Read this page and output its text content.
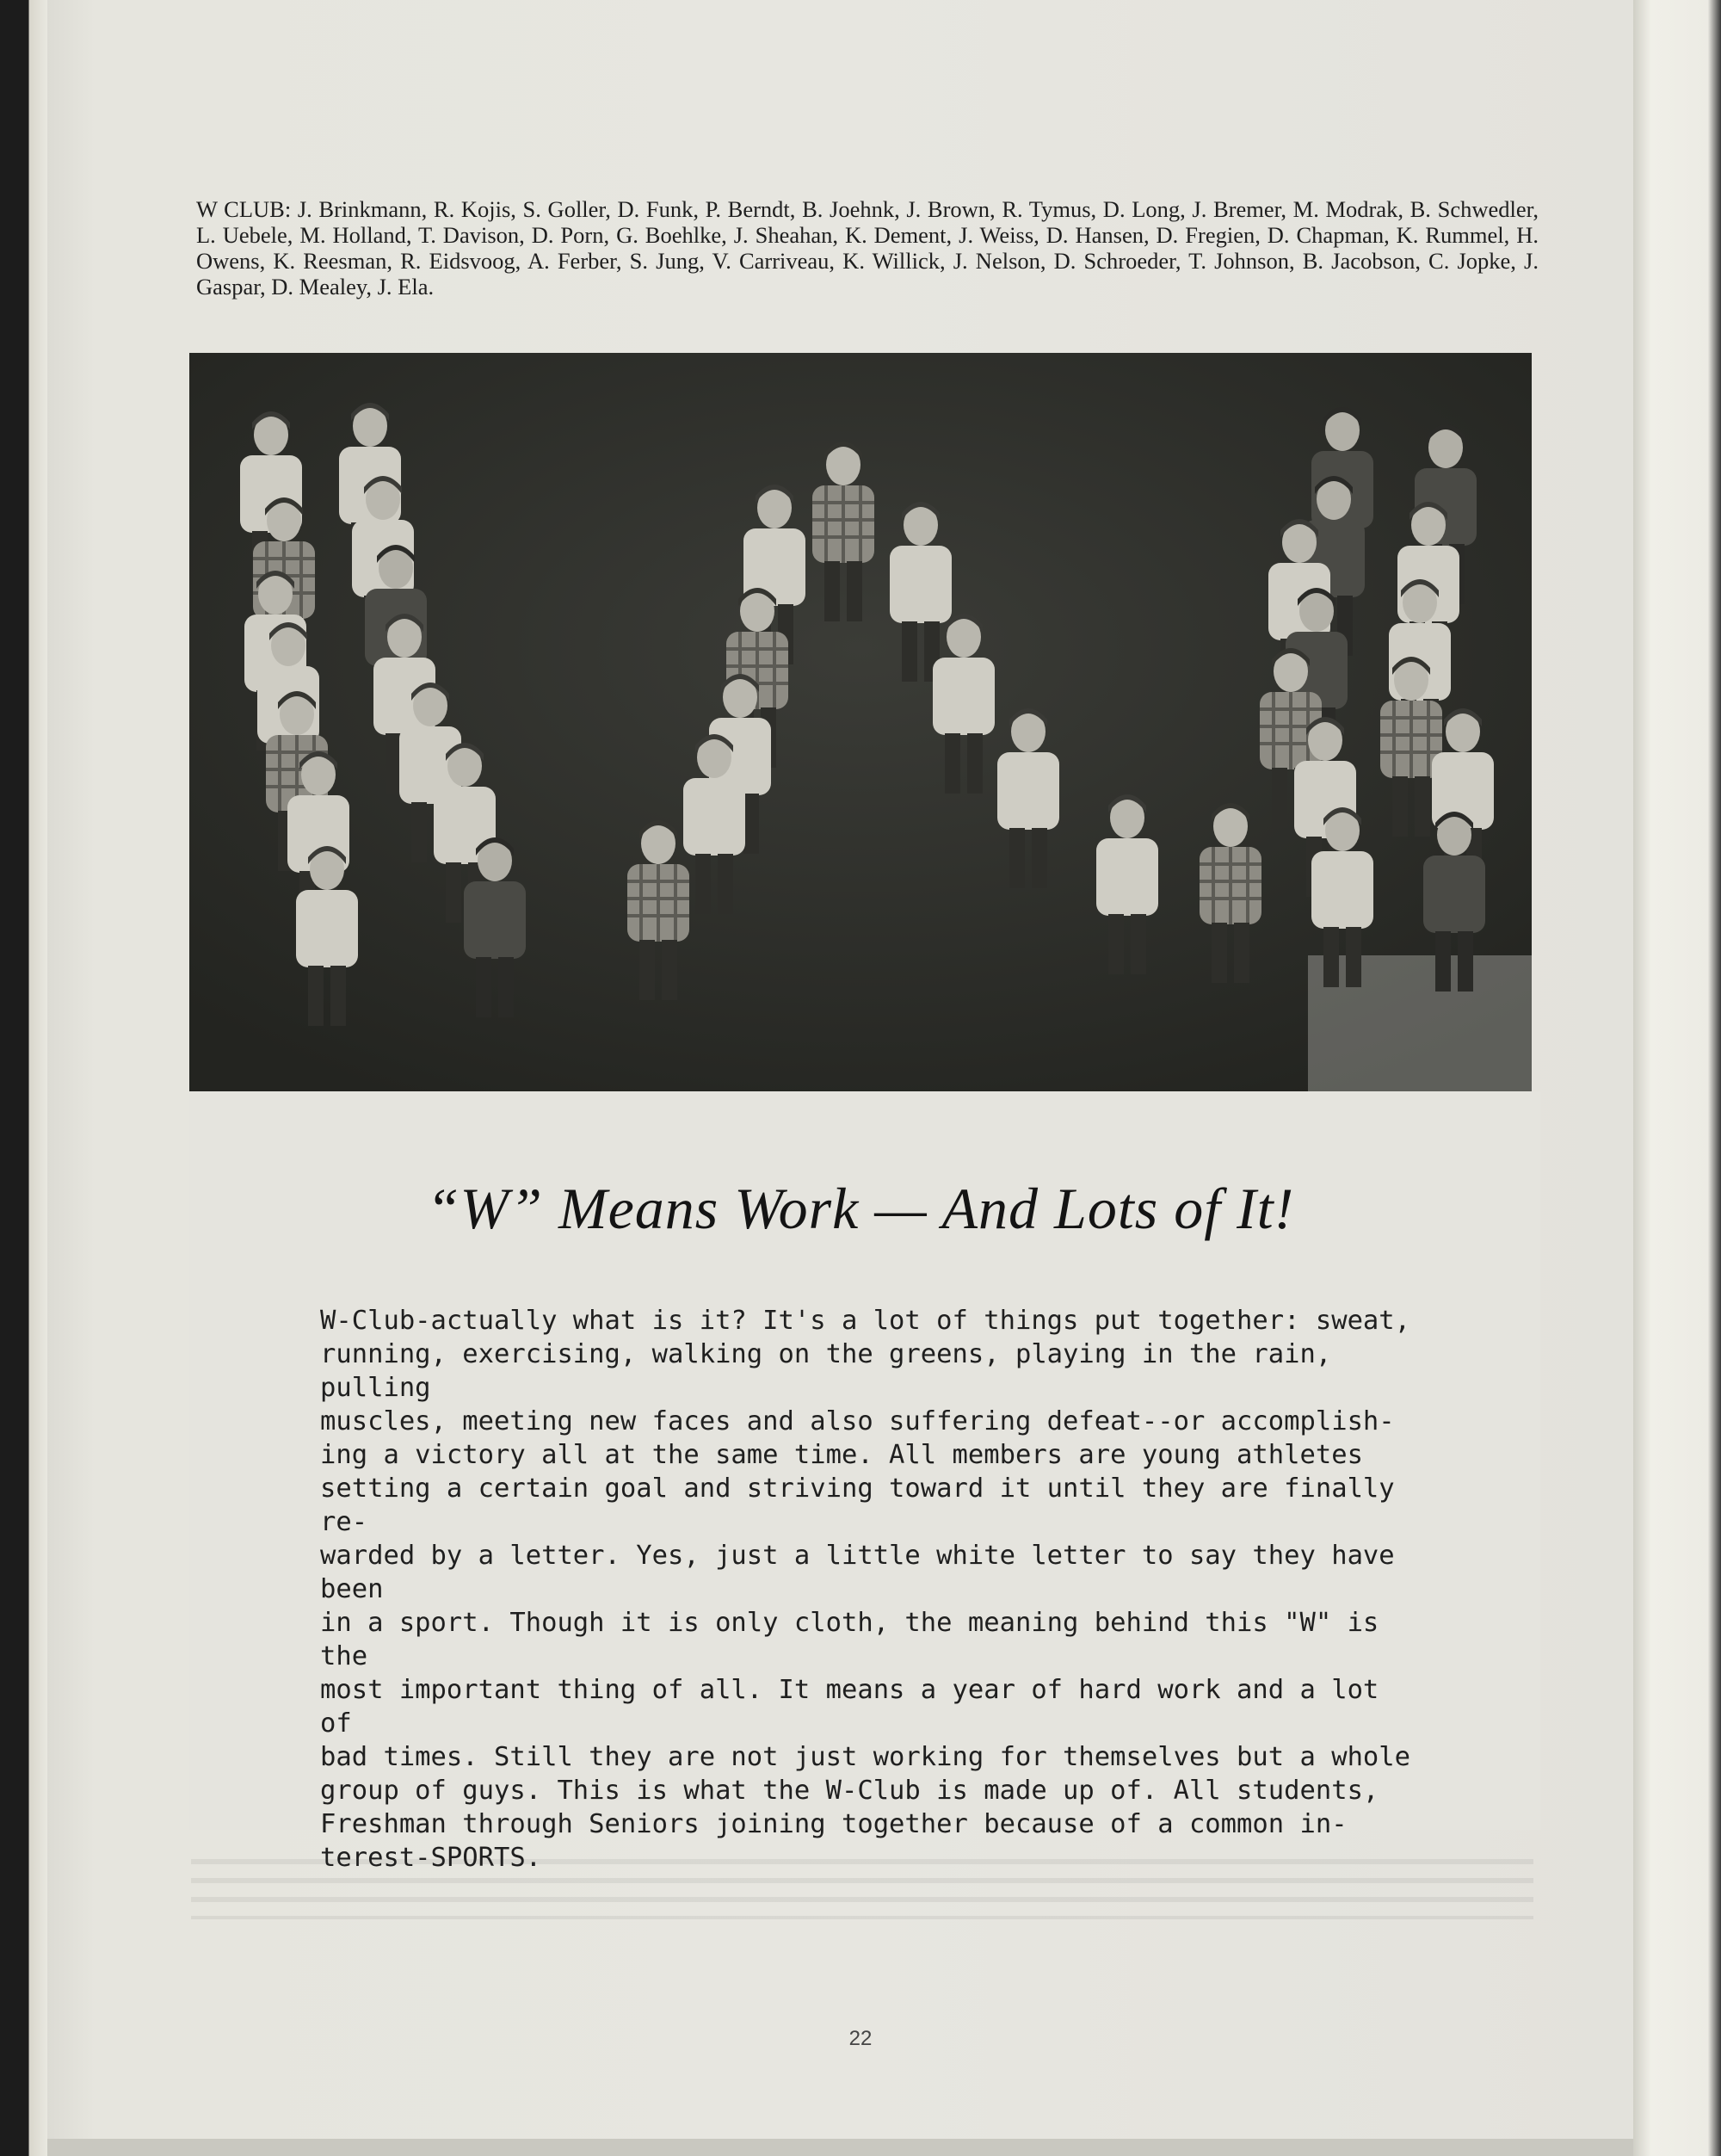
W CLUB: J. Brinkmann, R. Kojis, S. Goller, D. Funk, P. Berndt, B. Joehnk, J. Brown, R. Tymus, D. Long, J. Bremer, M. Modrak, B. Schwedler, L. Uebele, M. Holland, T. Davison, D. Porn, G. Boehlke, J. Sheahan, K. Dement, J. Weiss, D. Hansen, D. Fregien, D. Chapman, K. Rummel, H. Owens, K. Reesman, R. Eidsvoog, A. Ferber, S. Jung, V. Carriveau, K. Willick, J. Nelson, D. Schroeder, T. Johnson, B. Jacobson, C. Jopke, J. Gaspar, D. Mealey, J. Ela.
“W” Means Work — And Lots of It!
W-Club-actually what is it? It's a lot of things put together: sweat,
running, exercising, walking on the greens, playing in the rain, pulling
muscles, meeting new faces and also suffering defeat--or accomplish-
ing a victory all at the same time. All members are young athletes
setting a certain goal and striving toward it until they are finally re-
warded by a letter. Yes, just a little white letter to say they have been
in a sport. Though it is only cloth, the meaning behind this "W" is the
most important thing of all. It means a year of hard work and a lot of
bad times. Still they are not just working for themselves but a whole
group of guys. This is what the W-Club is made up of. All students,
Freshman through Seniors joining together because of a common in-
terest-SPORTS.
22
